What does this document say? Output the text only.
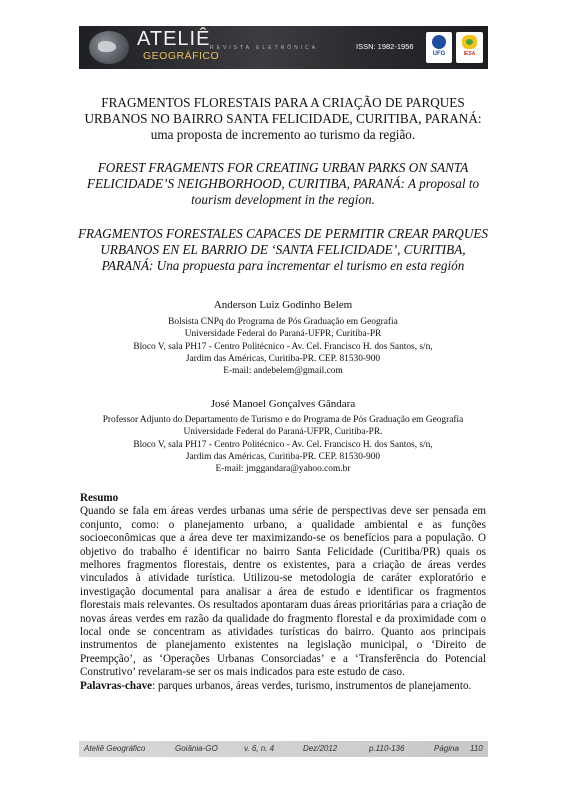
ATELIÊ
GEOGRÁFICO
REVISTA ELETRÔNICA	ISSN: 1982-1956
UFG	IESA
FRAGMENTOS FLORESTAIS PARA A CRIAÇÃO DE PARQUES
URBANOS NO BAIRRO SANTA FELICIDADE, CURITIBA, PARANÁ:
uma proposta de incremento ao turismo da região.
FOREST FRAGMENTS FOR CREATING URBAN PARKS ON SANTA
FELICIDADE’S NEIGHBORHOOD, CURITIBA, PARANÁ: A proposal to
tourism development in the region.
FRAGMENTOS FORESTALES CAPACES DE PERMITIR CREAR PARQUES
URBANOS EN EL BARRIO DE ‘SANTA FELICIDADE’, CURITIBA,
PARANÁ: Una propuesta para incrementar el turismo en esta región
Anderson Luiz Godinho Belem
Bolsista CNPq do Programa de Pós Graduação em Geografia
Universidade Federal do Paraná-UFPR, Curitiba-PR
Bloco V, sala PH17 - Centro Politécnico - Av. Cel. Francisco H. dos Santos, s/n,
Jardim das Américas, Curitiba-PR. CEP. 81530-900
E-mail: andebelem@gmail.com
José Manoel Gonçalves Gândara
Professor Adjunto do Departamento de Turismo e do Programa de Pós Graduação em Geografia
Universidade Federal do Paraná-UFPR, Curitiba-PR.
Bloco V, sala PH17 - Centro Politécnico - Av. Cel. Francisco H. dos Santos, s/n,
Jardim das Américas, Curitiba-PR. CEP. 81530-900
E-mail: jmggandara@yahoo.com.br
Resumo
Quando se fala em áreas verdes urbanas uma série de perspectivas deve ser pensada em conjunto, como: o planejamento urbano, a qualidade ambiental e as funções socioeconômicas que a área deve ter maximizando-se os benefícios para a população. O objetivo do trabalho é identificar no bairro Santa Felicidade (Curitiba/PR) quais os melhores fragmentos florestais, dentre os existentes, para a criação de áreas verdes vinculados à atividade turística. Utilizou-se metodologia de caráter exploratório e investigação documental para analisar a área de estudo e identificar os fragmentos florestais mais relevantes. Os resultados apontaram duas áreas prioritárias para a criação de novas áreas verdes em razão da qualidade do fragmento florestal e da proximidade com o local onde se concentram as atividades turísticas do bairro. Quanto aos principais instrumentos de planejamento existentes na legislação municipal, o ‘Direito de Preempção’, as ‘Operações Urbanas Consorciadas’ e a ‘Transferência do Potencial Construtivo’ revelaram-se ser os mais indicados para este estudo de caso.
Palavras-chave: parques urbanos, áreas verdes, turismo, instrumentos de planejamento.
Ateliê Geográfico	Goiânia-GO	v. 6, n. 4	Dez/2012	p.110-136	Página 110
